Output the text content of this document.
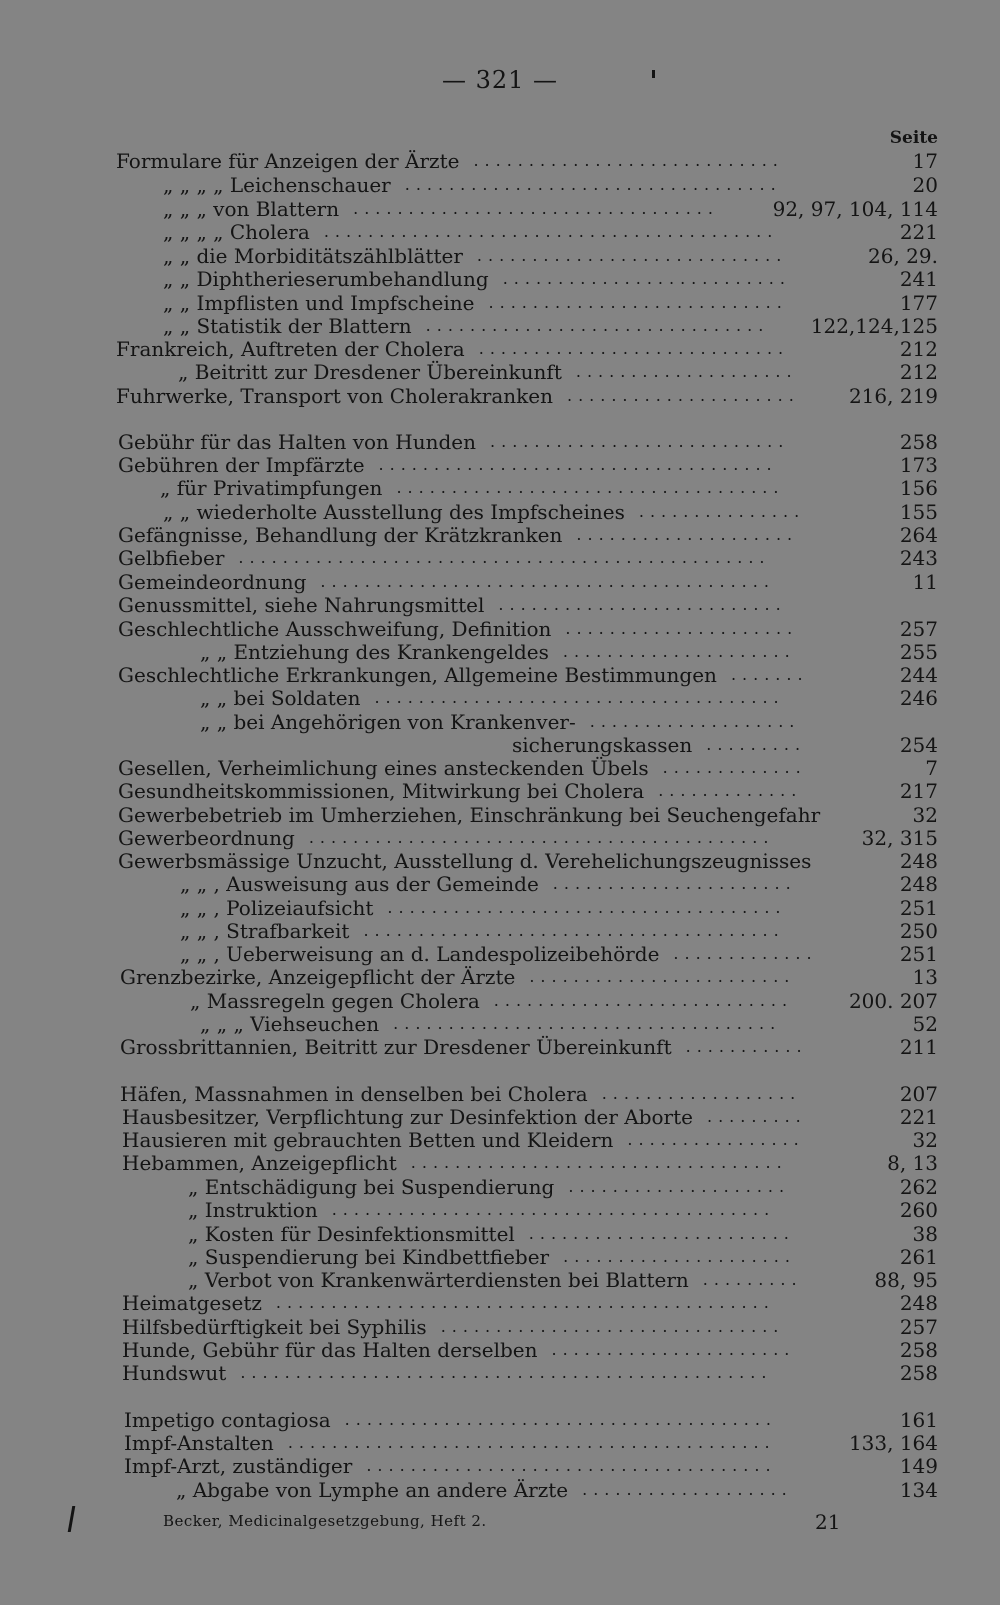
— 321 —
Seite
Formulare für Anzeigen der Ärzte ............................	17
„ „ „ „ Leichenschauer ..................................	20
„ „ „ von Blattern .................................	92, 97, 104, 114
„ „ „ „ Cholera .........................................	221
„ „ die Morbiditätszählblätter ............................	26, 29.
„ „ Diphtherieserumbehandlung ..........................	241
„ „ Impflisten und Impfscheine ...........................	177
„ „ Statistik der Blattern ...............................	122,124,125
Frankreich, Auftreten der Cholera ............................	212
„ Beitritt zur Dresdener Übereinkunft ....................	212
Fuhrwerke, Transport von Cholerakranken .....................	216, 219
Gebühr für das Halten von Hunden ...........................	258
Gebühren der Impfärzte ....................................	173
„ für Privatimpfungen ...................................	156
„ „ wiederholte Ausstellung des Impfscheines ...............	155
Gefängnisse, Behandlung der Krätzkranken ....................	264
Gelbfieber ................................................	243
Gemeindeordnung .........................................	11
Genussmittel, siehe Nahrungsmittel ..........................
Geschlechtliche Ausschweifung, Definition .....................	257
„ „ Entziehung des Krankengeldes .....................	255
Geschlechtliche Erkrankungen, Allgemeine Bestimmungen .......	244
„ „ bei Soldaten .....................................	246
„ „ bei Angehörigen von Krankenver- ...................
sicherungskassen .........	254
Gesellen, Verheimlichung eines ansteckenden Übels .............	7
Gesundheitskommissionen, Mitwirkung bei Cholera .............	217
Gewerbebetrieb im Umherziehen, Einschränkung bei Seuchengefahr	32
Gewerbeordnung ..........................................	32, 315
Gewerbsmässige Unzucht, Ausstellung d. Verehelichungszeugnisses	248
„ „ , Ausweisung aus der Gemeinde ......................	248
„ „ , Polizeiaufsicht ....................................	251
„ „ , Strafbarkeit ......................................	250
„ „ , Ueberweisung an d. Landespolizeibehörde .............	251
Grenzbezirke, Anzeigepflicht der Ärzte ........................	13
„ Massregeln gegen Cholera ...........................	200. 207
„ „ „ Viehseuchen ...................................	52
Grossbrittannien, Beitritt zur Dresdener Übereinkunft ...........	211
Häfen, Massnahmen in denselben bei Cholera ..................	207
Hausbesitzer, Verpflichtung zur Desinfektion der Aborte .........	221
Hausieren mit gebrauchten Betten und Kleidern ................	32
Hebammen, Anzeigepflicht ..................................	8, 13
„ Entschädigung bei Suspendierung ....................	262
„ Instruktion ........................................	260
„ Kosten für Desinfektionsmittel ........................	38
„ Suspendierung bei Kindbettfieber .....................	261
„ Verbot von Krankenwärterdiensten bei Blattern .........	88, 95
Heimatgesetz .............................................	248
Hilfsbedürftigkeit bei Syphilis ...............................	257
Hunde, Gebühr für das Halten derselben ......................	258
Hundswut ................................................	258
Impetigo contagiosa .......................................	161
Impf-Anstalten ............................................	133, 164
Impf-Arzt, zuständiger .....................................	149
„ Abgabe von Lymphe an andere Ärzte ...................	134
Becker, Medicinalgesetzgebung, Heft 2.	21
